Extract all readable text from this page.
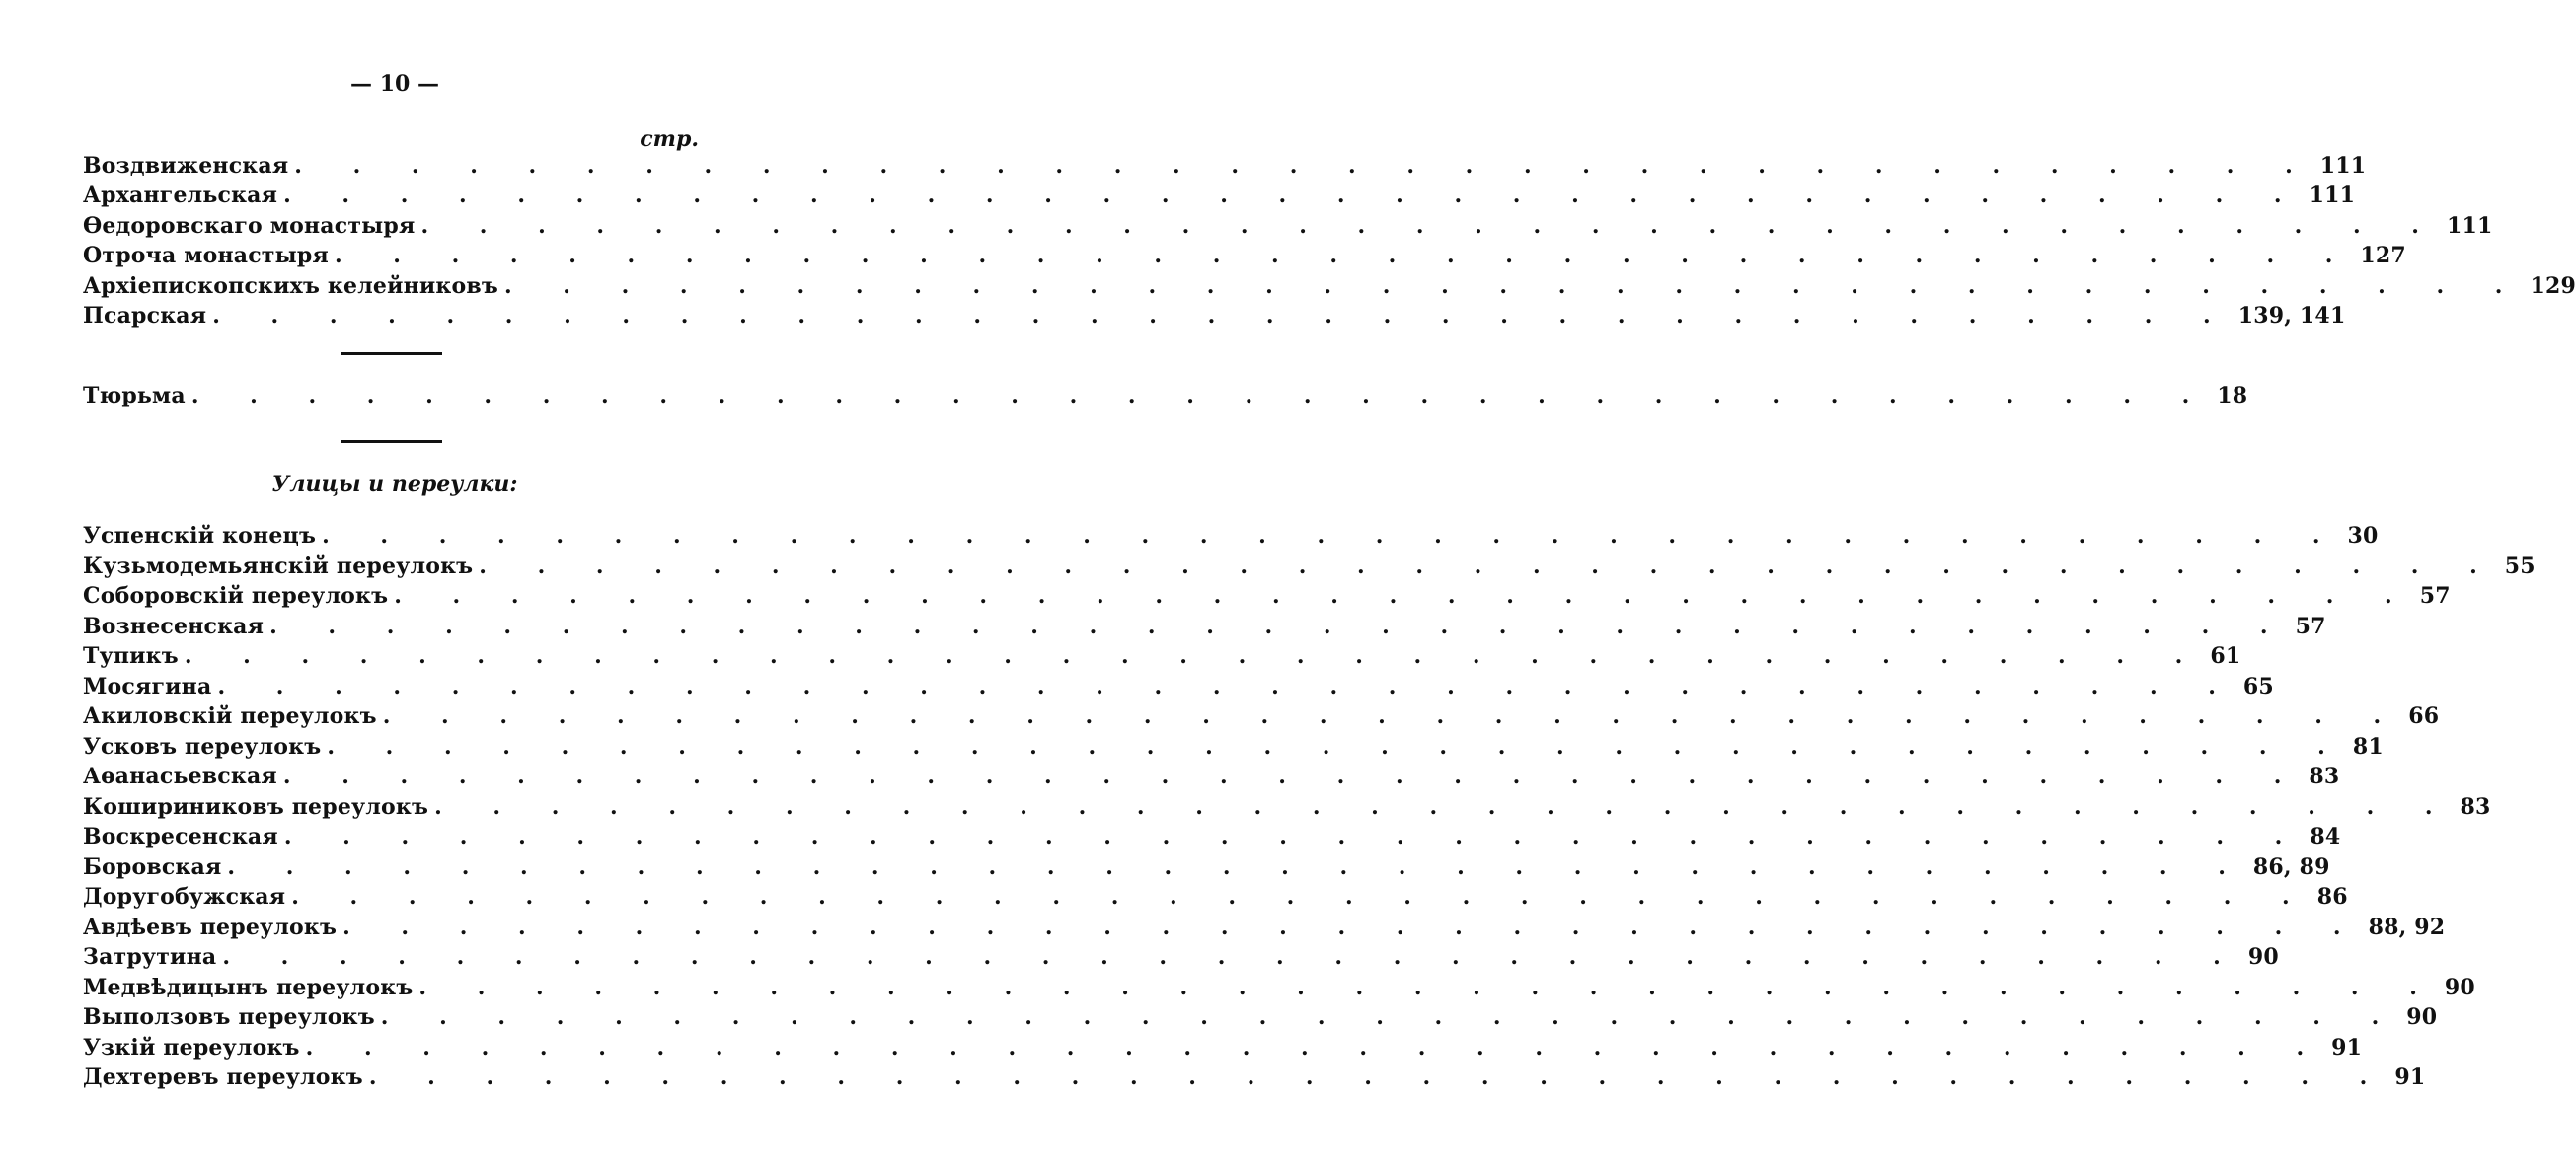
— 10 —
стр.
Воздвиженская . . . . . . . . . . . . . . . . . . . . . . . . . . . . . . . . . . . 111
Архангельская . . . . . . . . . . . . . . . . . . . . . . . . . . . . . . . . . . . 111
Ѳедоровскаго монастыря . . . . . . . . . . . . . . . . . . . . . . . . . . . . . . . . . . . 111
Отроча монастыря . . . . . . . . . . . . . . . . . . . . . . . . . . . . . . . . . . . 127
Архіепископскихъ келейниковъ . . . . . . . . . . . . . . . . . . . . . . . . . . . . . . . . . . . 129
Псарская . . . . . . . . . . . . . . . . . . . . . . . . . . . . . . . . . . . 139, 141
Тюрьма . . . . . . . . . . . . . . . . . . . . . . . . . . . . . . . . . . . 18
Улицы и переулки:
Успенскій конецъ . . . . . . . . . . . . . . . . . . . . . . . . . . . . . . . . . . . 30
Кузьмодемьянскій переулокъ . . . . . . . . . . . . . . . . . . . . . . . . . . . . . . . . . . . 55
Соборовскій переулокъ . . . . . . . . . . . . . . . . . . . . . . . . . . . . . . . . . . . 57
Вознесенская . . . . . . . . . . . . . . . . . . . . . . . . . . . . . . . . . . . 57
Тупикъ . . . . . . . . . . . . . . . . . . . . . . . . . . . . . . . . . . . 61
Мосягина . . . . . . . . . . . . . . . . . . . . . . . . . . . . . . . . . . . 65
Акиловскій переулокъ . . . . . . . . . . . . . . . . . . . . . . . . . . . . . . . . . . . 66
Усковъ переулокъ . . . . . . . . . . . . . . . . . . . . . . . . . . . . . . . . . . . 81
Аѳанасьевская . . . . . . . . . . . . . . . . . . . . . . . . . . . . . . . . . . . 83
Кошириниковъ переулокъ . . . . . . . . . . . . . . . . . . . . . . . . . . . . . . . . . . . 83
Воскресенская . . . . . . . . . . . . . . . . . . . . . . . . . . . . . . . . . . . 84
Боровская . . . . . . . . . . . . . . . . . . . . . . . . . . . . . . . . . . . 86, 89
Доругобужская . . . . . . . . . . . . . . . . . . . . . . . . . . . . . . . . . . . 86
Авдѣевъ переулокъ . . . . . . . . . . . . . . . . . . . . . . . . . . . . . . . . . . . 88, 92
Затрутина . . . . . . . . . . . . . . . . . . . . . . . . . . . . . . . . . . . 90
Медвѣдицынъ переулокъ . . . . . . . . . . . . . . . . . . . . . . . . . . . . . . . . . . . 90
Выползовъ переулокъ . . . . . . . . . . . . . . . . . . . . . . . . . . . . . . . . . . . 90
Узкій переулокъ . . . . . . . . . . . . . . . . . . . . . . . . . . . . . . . . . . . 91
Дехтеревъ переулокъ . . . . . . . . . . . . . . . . . . . . . . . . . . . . . . . . . . . 91
